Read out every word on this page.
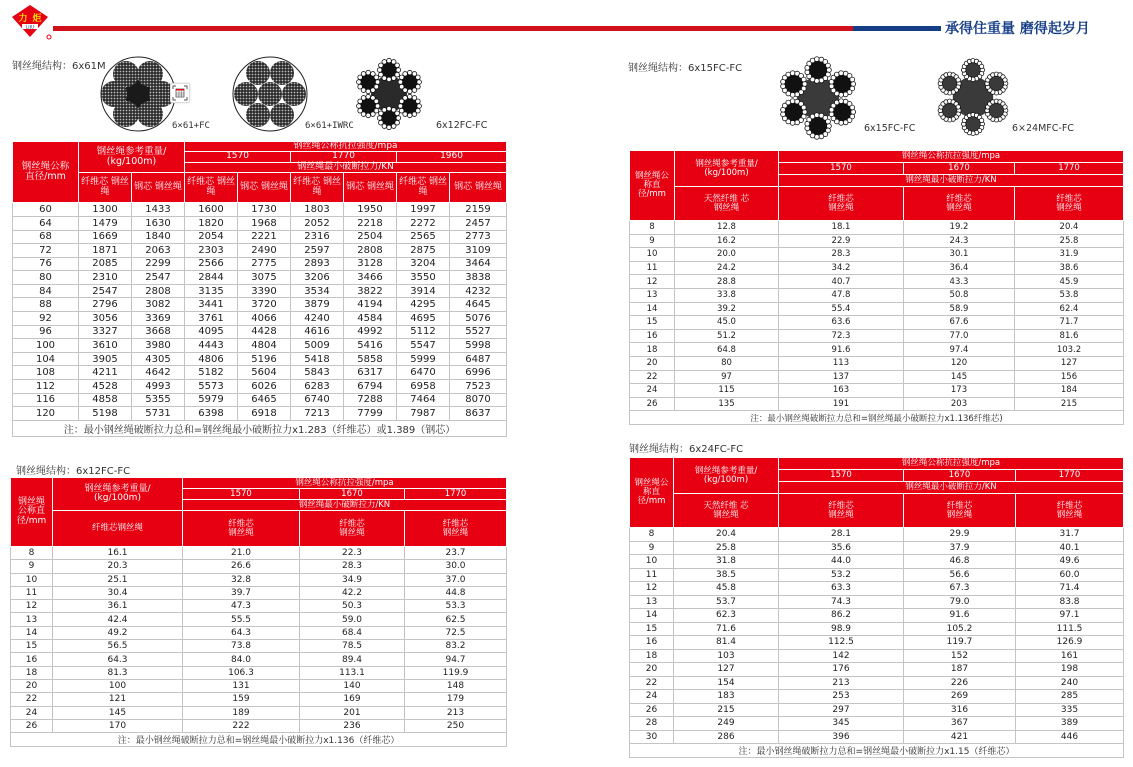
力 炬
LIJU	承得住重量 磨得起岁月
钢丝绳结构：6x61M	钢丝绳结构：6x15FC-FC
钢丝绳结构：6x12FC-FC
钢丝绳结构：6x24FC-FC
6×61+FC	6×61+IWRC	6x12FC-FC	6x15FC-FC	6×24MFC-FC
钢丝绳公称直径/mm	钢丝绳参考重量/ (kg/100m)		钢丝绳公称抗拉强度/mpa					
			1570		1770		1960	
			钢丝绳最小破断拉力/KN					
	纤维芯 钢丝绳	钢芯 钢丝绳	纤维芯 钢丝绳	钢芯 钢丝绳	纤维芯 钢丝绳	钢芯 钢丝绳	纤维芯 钢丝绳	钢芯 钢丝绳
60	1300	1433	1600	1730	1803	1950	1997	2159
64	1479	1630	1820	1968	2052	2218	2272	2457
68	1669	1840	2054	2221	2316	2504	2565	2773
72	1871	2063	2303	2490	2597	2808	2875	3109
76	2085	2299	2566	2775	2893	3128	3204	3464
80	2310	2547	2844	3075	3206	3466	3550	3838
84	2547	2808	3135	3390	3534	3822	3914	4232
88	2796	3082	3441	3720	3879	4194	4295	4645
92	3056	3369	3761	4066	4240	4584	4695	5076
96	3327	3668	4095	4428	4616	4992	5112	5527
100	3610	3980	4443	4804	5009	5416	5547	5998
104	3905	4305	4806	5196	5418	5858	5999	6487
108	4211	4642	5182	5604	5843	6317	6470	6996
112	4528	4993	5573	6026	6283	6794	6958	7523
116	4858	5355	5979	6465	6740	7288	7464	8070
120	5198	5731	6398	6918	7213	7799	7987	8637
注：最小钢丝绳破断拉力总和=钢丝绳最小破断拉力x1.283（纤维芯）或1.389（钢芯）								
钢丝绳公称直径/mm	钢丝绳参考重量/ (kg/100m)	钢丝绳公称抗拉强度/mpa		
		1570	1670	1770
		钢丝绳最小破断拉力/KN		
	纤维芯钢丝绳	纤维芯 钢丝绳	纤维芯 钢丝绳	纤维芯 钢丝绳
8	16.1	21.0	22.3	23.7
9	20.3	26.6	28.3	30.0
10	25.1	32.8	34.9	37.0
11	30.4	39.7	42.2	44.8
12	36.1	47.3	50.3	53.3
13	42.4	55.5	59.0	62.5
14	49.2	64.3	68.4	72.5
15	56.5	73.8	78.5	83.2
16	64.3	84.0	89.4	94.7
18	81.3	106.3	113.1	119.9
20	100	131	140	148
22	121	159	169	179
24	145	189	201	213
26	170	222	236	250
注：最小钢丝绳破断拉力总和=钢丝绳最小破断拉力x1.136（纤维芯）				
钢丝绳公称直径/mm	钢丝绳参考重量/ (kg/100m)	钢丝绳公称抗拉强度/mpa		
		1570	1670	1770
		钢丝绳最小破断拉力/KN		
	天然纤维 芯钢丝绳	纤维芯 钢丝绳	纤维芯 钢丝绳	纤维芯 钢丝绳
8	12.8	18.1	19.2	20.4
9	16.2	22.9	24.3	25.8
10	20.0	28.3	30.1	31.9
11	24.2	34.2	36.4	38.6
12	28.8	40.7	43.3	45.9
13	33.8	47.8	50.8	53.8
14	39.2	55.4	58.9	62.4
15	45.0	63.6	67.6	71.7
16	51.2	72.3	77.0	81.6
18	64.8	91.6	97.4	103.2
20	80	113	120	127
22	97	137	145	156
24	115	163	173	184
26	135	191	203	215
注：最小钢丝绳破断拉力总和=钢丝绳最小破断拉力x1.136纤维芯)				
钢丝绳公称直径/mm	钢丝绳参考重量/ (kg/100m)	钢丝绳公称抗拉强度/mpa		
		1570	1670	1770
		钢丝绳最小破断拉力/KN		
	天然纤维 芯钢丝绳	纤维芯 钢丝绳	纤维芯 钢丝绳	纤维芯 钢丝绳
8	20.4	28.1	29.9	31.7
9	25.8	35.6	37.9	40.1
10	31.8	44.0	46.8	49.6
11	38.5	53.2	56.6	60.0
12	45.8	63.3	67.3	71.4
13	53.7	74.3	79.0	83.8
14	62.3	86.2	91.6	97.1
15	71.6	98.9	105.2	111.5
16	81.4	112.5	119.7	126.9
18	103	142	152	161
20	127	176	187	198
22	154	213	226	240
24	183	253	269	285
26	215	297	316	335
28	249	345	367	389
30	286	396	421	446
注：最小钢丝绳破断拉力总和=钢丝绳最小破断拉力x1.15（纤维芯）				
